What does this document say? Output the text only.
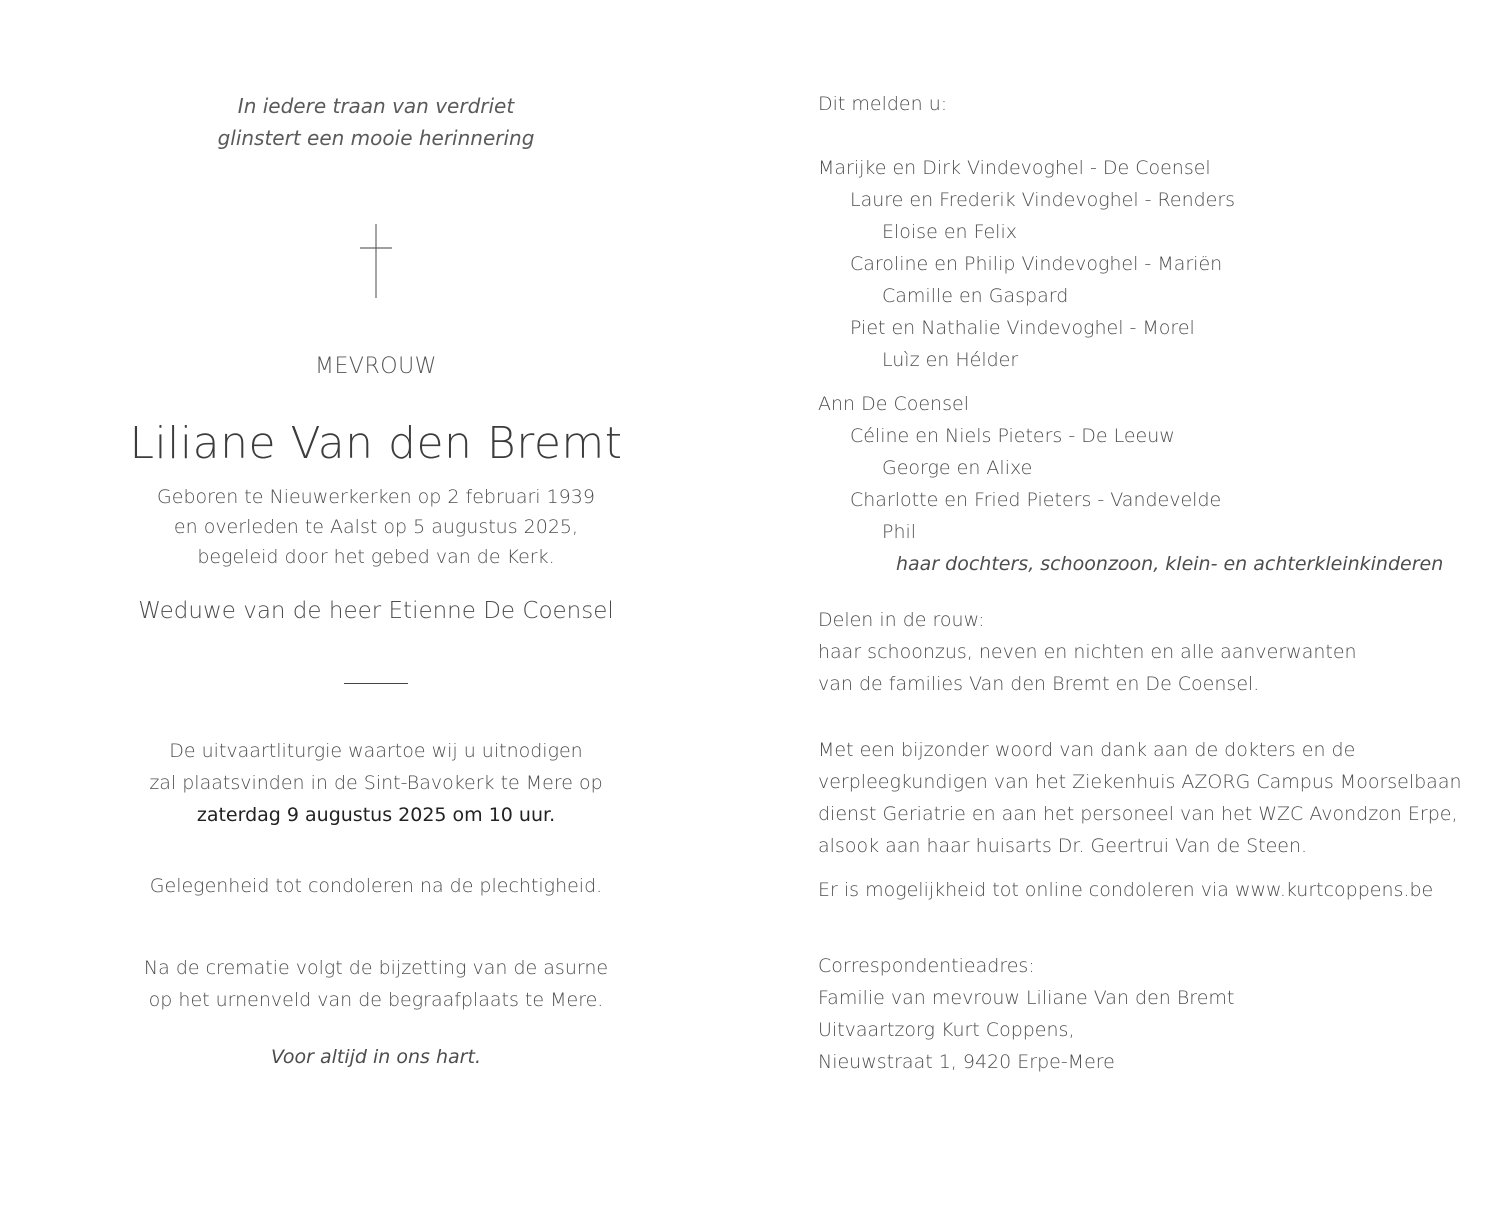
In iedere traan van verdriet
glinstert een mooie herinnering
MEVROUW
Liliane Van den Bremt
Geboren te Nieuwerkerken op 2 februari 1939
en overleden te Aalst op 5 augustus 2025,
begeleid door het gebed van de Kerk.
Weduwe van de heer Etienne De Coensel
De uitvaartliturgie waartoe wij u uitnodigen
zal plaatsvinden in de Sint-Bavokerk te Mere op
zaterdag 9 augustus 2025 om 10 uur.
Gelegenheid tot condoleren na de plechtigheid.
Na de crematie volgt de bijzetting van de asurne
op het urnenveld van de begraafplaats te Mere.
Voor altijd in ons hart.
Dit melden u:
Marijke en Dirk Vindevoghel - De Coensel
Laure en Frederik Vindevoghel - Renders
Eloise en Felix
Caroline en Philip Vindevoghel - Mariën
Camille en Gaspard
Piet en Nathalie Vindevoghel - Morel
Luìz en Hélder
Ann De Coensel
Céline en Niels Pieters - De Leeuw
George en Alixe
Charlotte en Fried Pieters - Vandevelde
Phil
haar dochters, schoonzoon, klein- en achterkleinkinderen
Delen in de rouw:
haar schoonzus, neven en nichten en alle aanverwanten
van de families Van den Bremt en De Coensel.
Met een bijzonder woord van dank aan de dokters en de
verpleegkundigen van het Ziekenhuis AZORG Campus Moorselbaan
dienst Geriatrie en aan het personeel van het WZC Avondzon Erpe,
alsook aan haar huisarts Dr. Geertrui Van de Steen.
Er is mogelijkheid tot online condoleren via www.kurtcoppens.be
Correspondentieadres:
Familie van mevrouw Liliane Van den Bremt
Uitvaartzorg Kurt Coppens,
Nieuwstraat 1, 9420 Erpe-Mere
